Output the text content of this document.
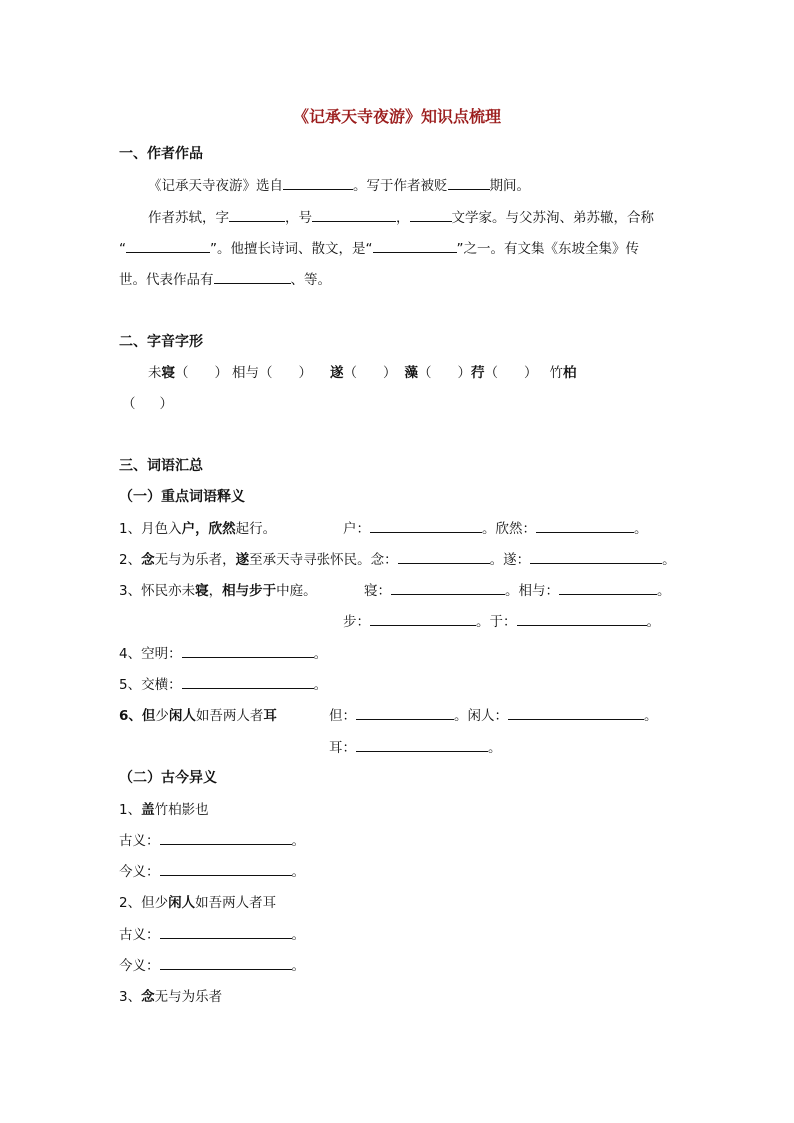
《记承天寺夜游》知识点梳理
一、作者作品
《记承天寺夜游》选自	。写于作者被贬	期间。
作者苏轼，字	，号	，	文学家。与父苏洵、弟苏辙，合称
“	”。他擅长诗词、散文，是“	”之一。有文集《东坡全集》传
世。代表作品有	、等。
二、字音字形
未寝（ ） 相与（ ） 遂（ ） 藻（ ）荇（ ） 竹柏
（ ）
三、词语汇总
（一）重点词语释义
1、月色入户，欣然起行。	户：	。欣然：	。
2、念无与为乐者，遂至承天寺寻张怀民。念：	。遂：	。
3、怀民亦未寝，相与步于中庭。	寝：	。相与：	。
步：	。于：	。
4、空明：	。
5、交横：	。
6、但少闲人如吾两人者耳	但：	。闲人：	。
耳：	。
（二）古今异义
1、盖竹柏影也
古义：	。
今义：	。
2、但少闲人如吾两人者耳
古义：	。
今义：	。
3、念无与为乐者
